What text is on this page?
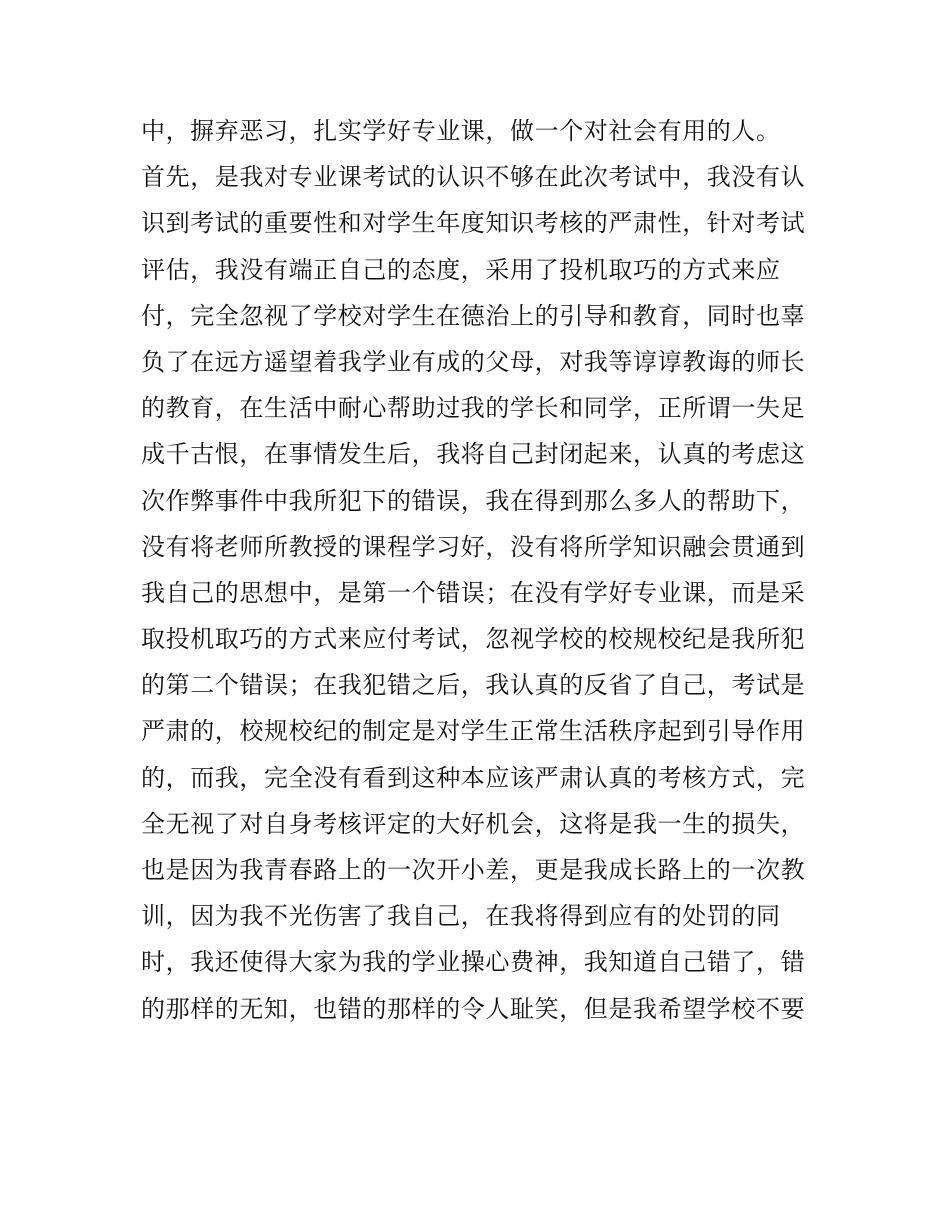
中，摒弃恶习，扎实学好专业课，做一个对社会有用的人。
首先，是我对专业课考试的认识不够在此次考试中，我没有认
识到考试的重要性和对学生年度知识考核的严肃性，针对考试
评估，我没有端正自己的态度，采用了投机取巧的方式来应
付，完全忽视了学校对学生在德治上的引导和教育，同时也辜
负了在远方遥望着我学业有成的父母，对我等谆谆教诲的师长
的教育，在生活中耐心帮助过我的学长和同学，正所谓一失足
成千古恨，在事情发生后，我将自己封闭起来，认真的考虑这
次作弊事件中我所犯下的错误，我在得到那么多人的帮助下，
没有将老师所教授的课程学习好，没有将所学知识融会贯通到
我自己的思想中，是第一个错误；在没有学好专业课，而是采
取投机取巧的方式来应付考试，忽视学校的校规校纪是我所犯
的第二个错误；在我犯错之后，我认真的反省了自己，考试是
严肃的，校规校纪的制定是对学生正常生活秩序起到引导作用
的，而我，完全没有看到这种本应该严肃认真的考核方式，完
全无视了对自身考核评定的大好机会，这将是我一生的损失，
也是因为我青春路上的一次开小差，更是我成长路上的一次教
训，因为我不光伤害了我自己，在我将得到应有的处罚的同
时，我还使得大家为我的学业操心费神，我知道自己错了，错
的那样的无知，也错的那样的令人耻笑，但是我希望学校不要
